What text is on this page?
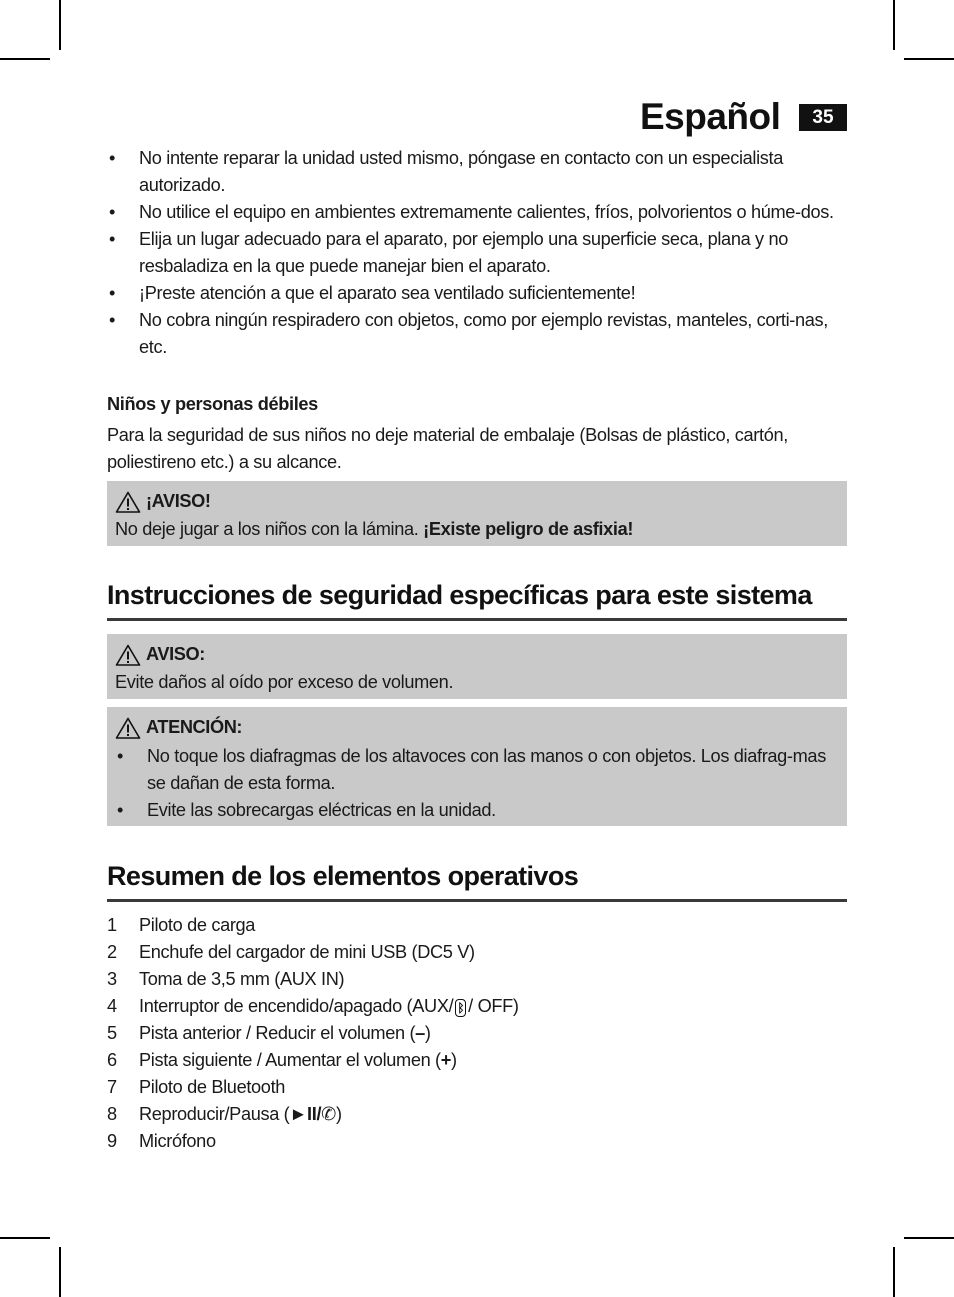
Español	35
• No intente reparar la unidad usted mismo, póngase en contacto con un especialista autorizado.
• No utilice el equipo en ambientes extremamente calientes, fríos, polvorientos o húme-dos.
• Elija un lugar adecuado para el aparato, por ejemplo una superficie seca, plana y no resbaladiza en la que puede manejar bien el aparato.
• ¡Preste atención a que el aparato sea ventilado suficientemente!
• No cobra ningún respiradero con objetos, como por ejemplo revistas, manteles, corti-nas, etc.
Niños y personas débiles
Para la seguridad de sus niños no deje material de embalaje (Bolsas de plástico, cartón, poliestireno etc.) a su alcance.
¡AVISO!
No deje jugar a los niños con la lámina. ¡Existe peligro de asfixia!
Instrucciones de seguridad específicas para este sistema
AVISO:
Evite daños al oído por exceso de volumen.
ATENCIÓN:
• No toque los diafragmas de los altavoces con las manos o con objetos. Los diafrag-mas se dañan de esta forma.
• Evite las sobrecargas eléctricas en la unidad.
Resumen de los elementos operativos
1	Piloto de carga
2	Enchufe del cargador de mini USB (DC5 V)
3	Toma de 3,5 mm (AUX IN)
4	Interruptor de encendido/apagado (AUX/ ᛒ / OFF)
5	Pista anterior / Reducir el volumen (–)
6	Pista siguiente / Aumentar el volumen (+)
7	Piloto de Bluetooth
8	Reproducir/Pausa (►II/✆)
9	Micrófono
